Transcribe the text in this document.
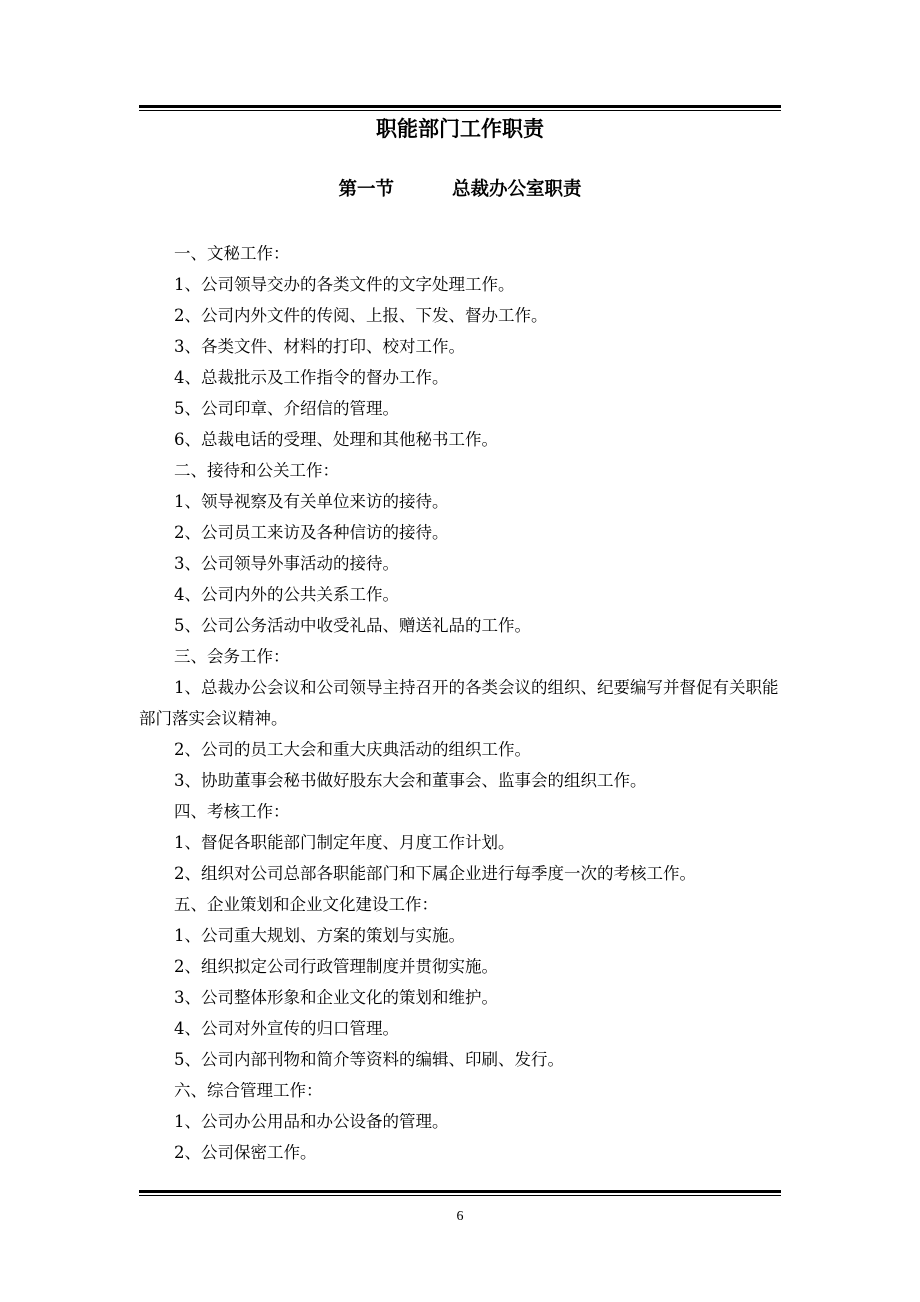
职能部门工作职责
第一节	总裁办公室职责

一、文秘工作：

1、公司领导交办的各类文件的文字处理工作。

2、公司内外文件的传阅、上报、下发、督办工作。

3、各类文件、材料的打印、校对工作。

4、总裁批示及工作指令的督办工作。

5、公司印章、介绍信的管理。

6、总裁电话的受理、处理和其他秘书工作。

二、接待和公关工作：

1、领导视察及有关单位来访的接待。

2、公司员工来访及各种信访的接待。

3、公司领导外事活动的接待。

4、公司内外的公共关系工作。

5、公司公务活动中收受礼品、赠送礼品的工作。

三、会务工作：

1、总裁办公会议和公司领导主持召开的各类会议的组织、纪要编写并督促有关职能部门落实会议精神。

2、公司的员工大会和重大庆典活动的组织工作。

3、协助董事会秘书做好股东大会和董事会、监事会的组织工作。

四、考核工作：

1、督促各职能部门制定年度、月度工作计划。

2、组织对公司总部各职能部门和下属企业进行每季度一次的考核工作。

五、企业策划和企业文化建设工作：

1、公司重大规划、方案的策划与实施。

2、组织拟定公司行政管理制度并贯彻实施。

3、公司整体形象和企业文化的策划和维护。

4、公司对外宣传的归口管理。

5、公司内部刊物和简介等资料的编辑、印刷、发行。

六、综合管理工作：

1、公司办公用品和办公设备的管理。

2、公司保密工作。

6
